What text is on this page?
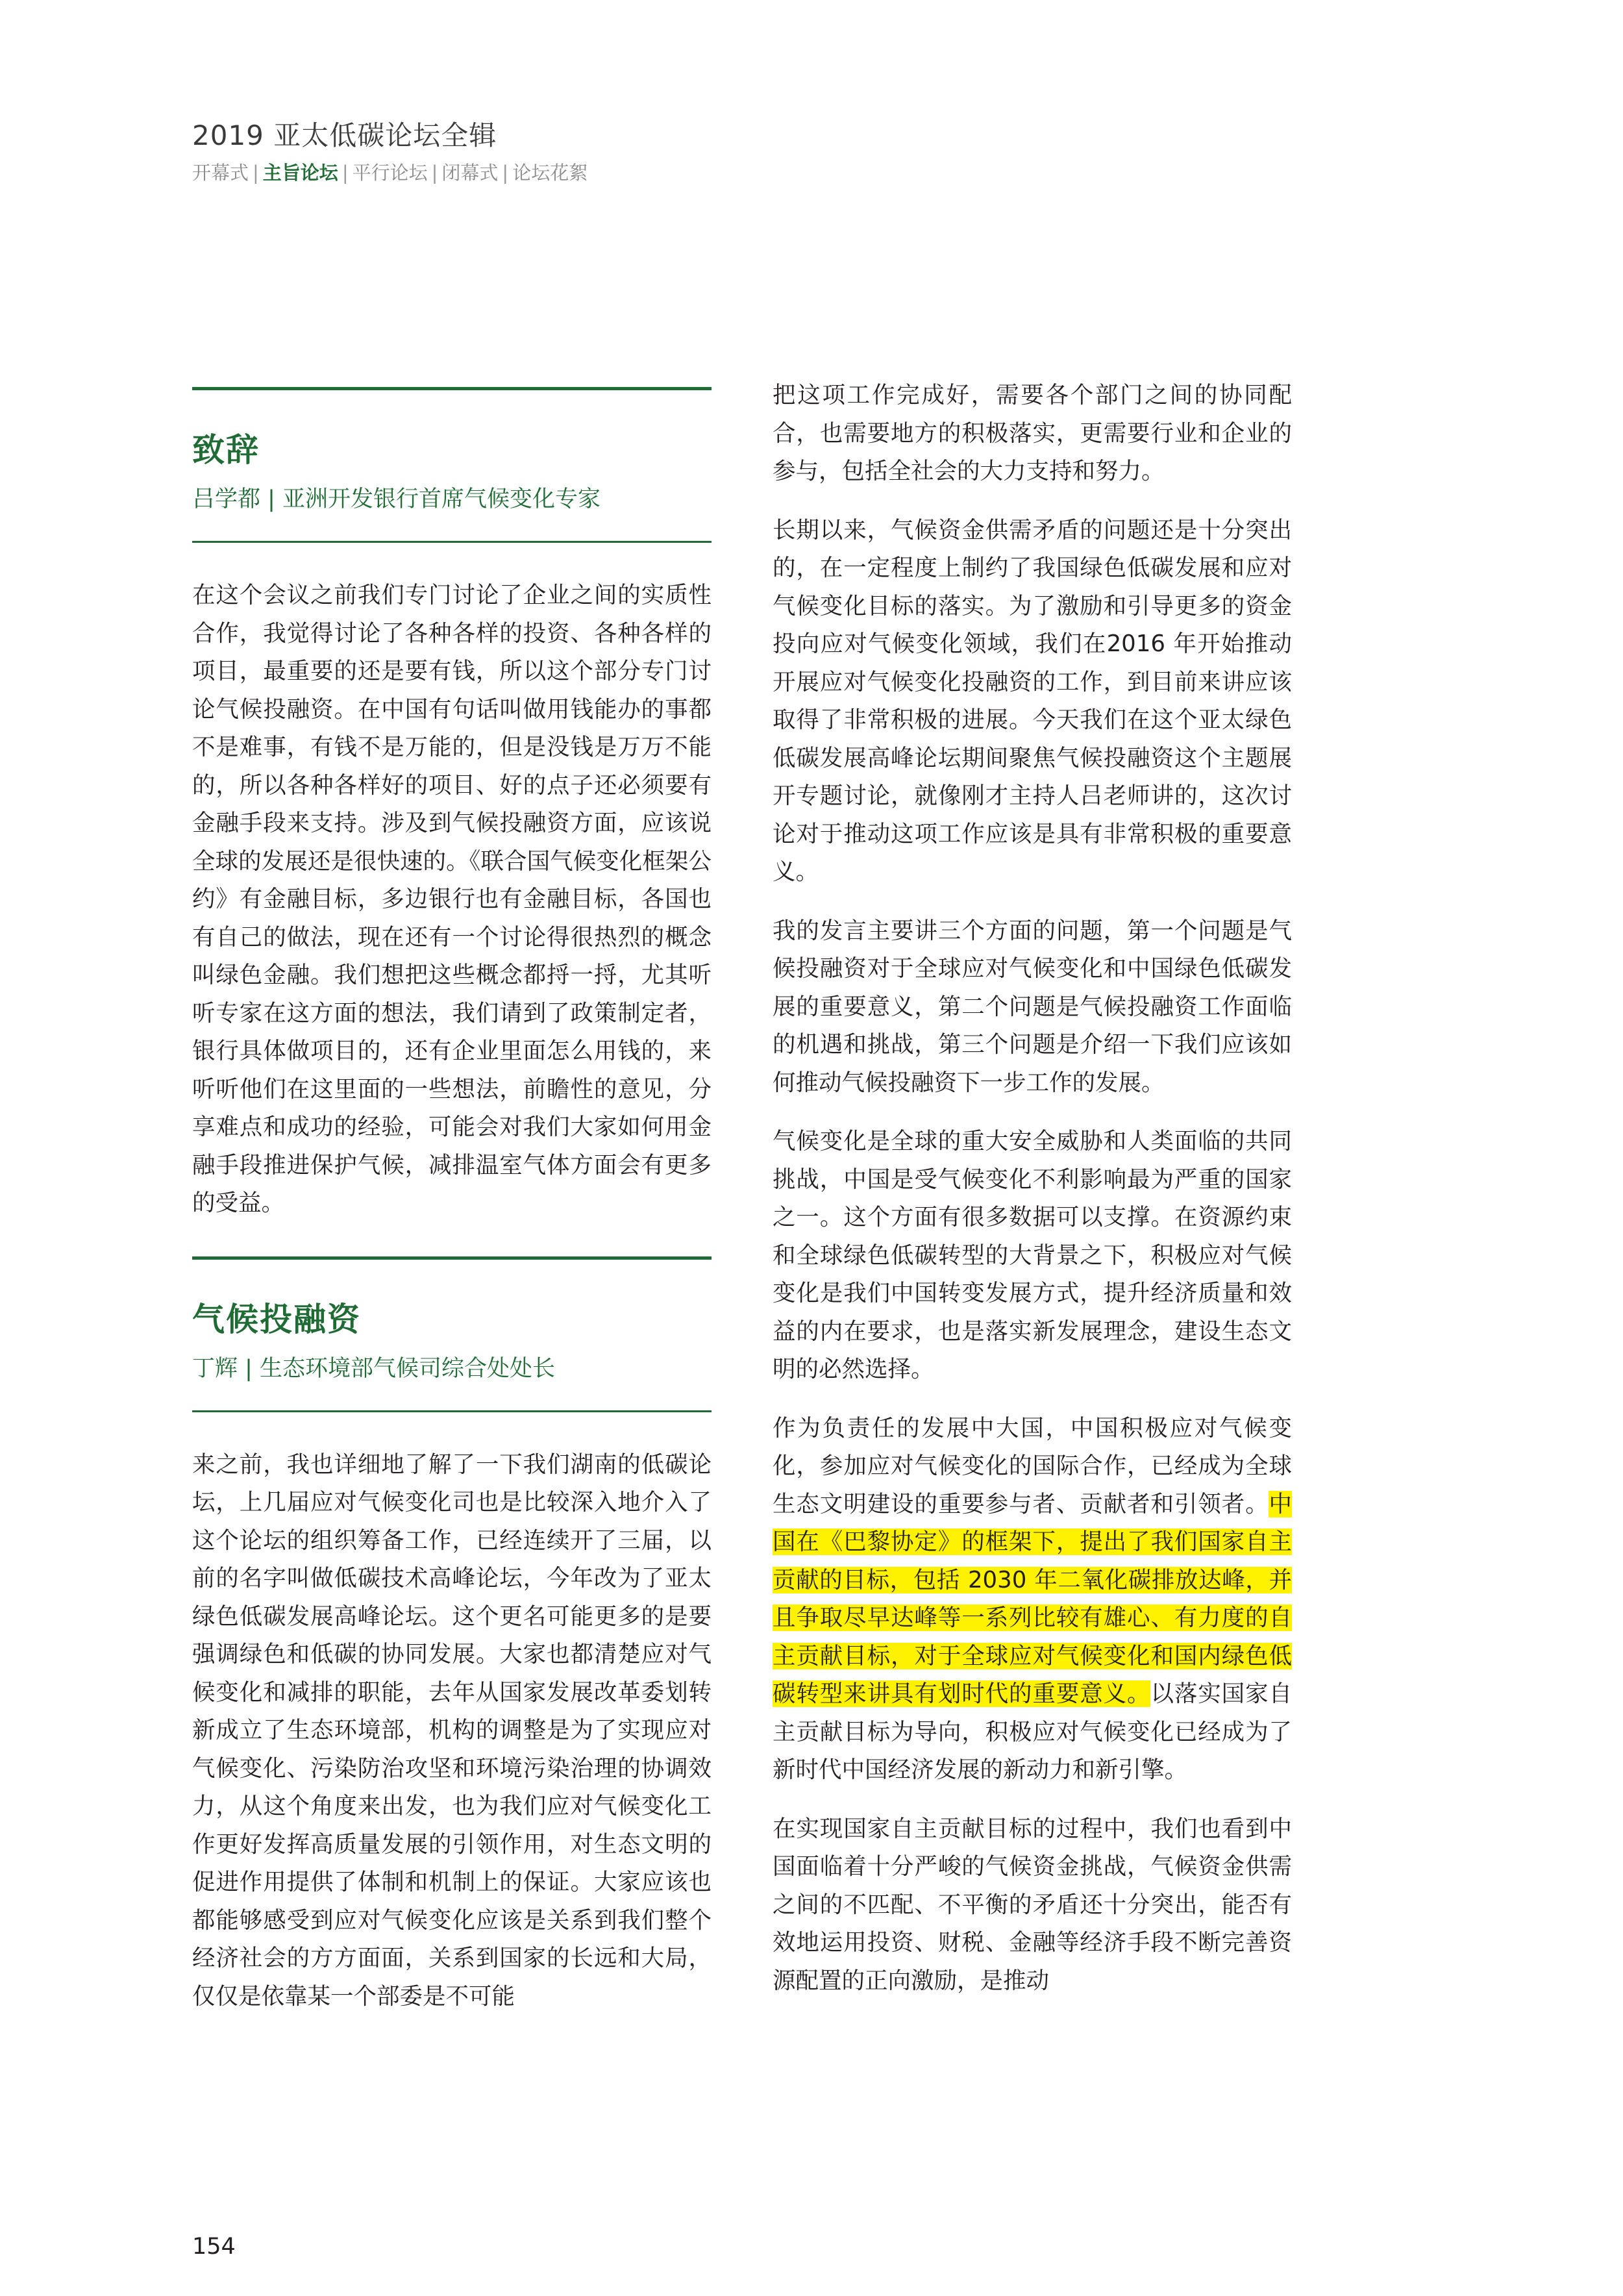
2019 亚太低碳论坛全辑
开幕式 | 主旨论坛 | 平行论坛 | 闭幕式 | 论坛花絮
致辞
吕学都 | 亚洲开发银行首席气候变化专家

在这个会议之前我们专门讨论了企业之间的实质性合作，我觉得讨论了各种各样的投资、各种各样的项目，最重要的还是要有钱，所以这个部分专门讨论气候投融资。在中国有句话叫做用钱能办的事都不是难事，有钱不是万能的，但是没钱是万万不能的，所以各种各样好的项目、好的点子还必须要有金融手段来支持。涉及到气候投融资方面，应该说全球的发展还是很快速的。《联合国气候变化框架公约》有金融目标，多边银行也有金融目标，各国也有自己的做法，现在还有一个讨论得很热烈的概念叫绿色金融。我们想把这些概念都捋一捋，尤其听听专家在这方面的想法，我们请到了政策制定者，银行具体做项目的，还有企业里面怎么用钱的，来听听他们在这里面的一些想法，前瞻性的意见，分享难点和成功的经验，可能会对我们大家如何用金融手段推进保护气候，减排温室气体方面会有更多的受益。

气候投融资
丁辉 | 生态环境部气候司综合处处长

来之前，我也详细地了解了一下我们湖南的低碳论坛，上几届应对气候变化司也是比较深入地介入了这个论坛的组织筹备工作，已经连续开了三届，以前的名字叫做低碳技术高峰论坛，今年改为了亚太绿色低碳发展高峰论坛。这个更名可能更多的是要强调绿色和低碳的协同发展。大家也都清楚应对气候变化和减排的职能，去年从国家发展改革委划转新成立了生态环境部，机构的调整是为了实现应对气候变化、污染防治攻坚和环境污染治理的协调效力，从这个角度来出发，也为我们应对气候变化工作更好发挥高质量发展的引领作用，对生态文明的促进作用提供了体制和机制上的保证。大家应该也都能够感受到应对气候变化应该是关系到我们整个经济社会的方方面面，关系到国家的长远和大局，仅仅是依靠某一个部委是不可能

把这项工作完成好，需要各个部门之间的协同配合，也需要地方的积极落实，更需要行业和企业的参与，包括全社会的大力支持和努力。

长期以来，气候资金供需矛盾的问题还是十分突出的，在一定程度上制约了我国绿色低碳发展和应对气候变化目标的落实。为了激励和引导更多的资金投向应对气候变化领域，我们在2016 年开始推动开展应对气候变化投融资的工作，到目前来讲应该取得了非常积极的进展。今天我们在这个亚太绿色低碳发展高峰论坛期间聚焦气候投融资这个主题展开专题讨论，就像刚才主持人吕老师讲的，这次讨论对于推动这项工作应该是具有非常积极的重要意义。

我的发言主要讲三个方面的问题，第一个问题是气候投融资对于全球应对气候变化和中国绿色低碳发展的重要意义，第二个问题是气候投融资工作面临的机遇和挑战，第三个问题是介绍一下我们应该如何推动气候投融资下一步工作的发展。

气候变化是全球的重大安全威胁和人类面临的共同挑战，中国是受气候变化不利影响最为严重的国家之一。这个方面有很多数据可以支撑。在资源约束和全球绿色低碳转型的大背景之下，积极应对气候变化是我们中国转变发展方式，提升经济质量和效益的内在要求，也是落实新发展理念，建设生态文明的必然选择。

作为负责任的发展中大国，中国积极应对气候变化，参加应对气候变化的国际合作，已经成为全球生态文明建设的重要参与者、贡献者和引领者。中国在《巴黎协定》的框架下，提出了我们国家自主贡献的目标，包括 2030 年二氧化碳排放达峰，并且争取尽早达峰等一系列比较有雄心、有力度的自主贡献目标，对于全球应对气候变化和国内绿色低碳转型来讲具有划时代的重要意义。以落实国家自主贡献目标为导向，积极应对气候变化已经成为了新时代中国经济发展的新动力和新引擎。

在实现国家自主贡献目标的过程中，我们也看到中国面临着十分严峻的气候资金挑战，气候资金供需之间的不匹配、不平衡的矛盾还十分突出，能否有效地运用投资、财税、金融等经济手段不断完善资源配置的正向激励，是推动

154
